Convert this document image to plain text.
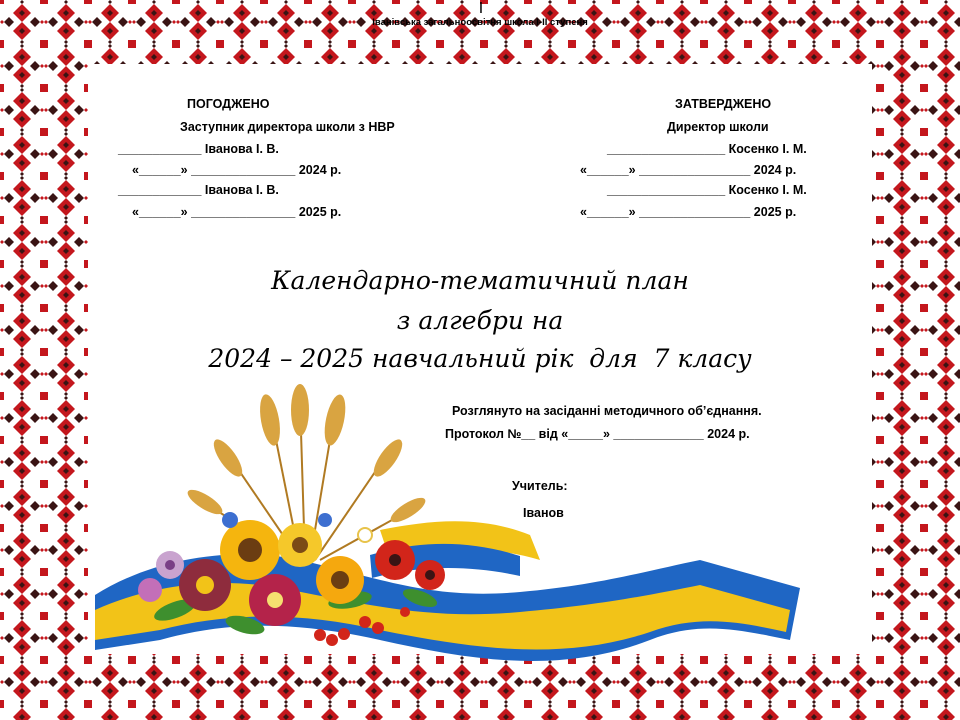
І
Іванівська загальноосвітня школа І-ІІ ступеня
ПОГОДЖЕНО
Заступник директора школи з НВР
____________ Іванова І. В.
«______» _______________ 2024 р.
____________ Іванова І. В.
«______» _______________ 2025 р.
ЗАТВЕРДЖЕНО
Директор школи
_________________ Косенко І. М.
«______» ________________ 2024 р.
_________________ Косенко І. М.
«______» ________________ 2025 р.
Календарно-тематичний план
з алгебри на
2024 – 2025 навчальний рік  для  7 класу
Розглянуто на засіданні методичного об’єднання.
Протокол №__ від «_____» _____________ 2024 р.
Учитель:
Іванов
